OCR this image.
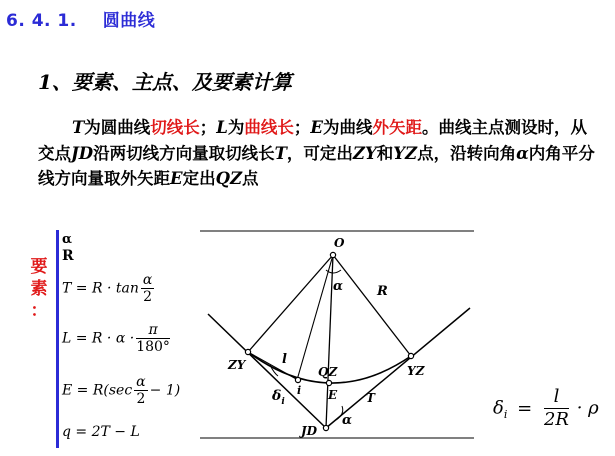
6. 4. 1. 圆曲线
1、要素、主点、及要素计算
T为圆曲线切线长；L为曲线长；E为曲线外矢距。曲线主点测设时，从交点JD沿两切线方向量取切线长T，可定出ZY和YZ点，沿转向角α内角平分线方向量取外矢距E定出QZ点
要
素
：
α
R
$T = R \cdot \tan \frac{\alpha}{2}$
$L = R \cdot \alpha \cdot \frac{\pi}{180^\circ}$
$E = R(\sec \frac{\alpha}{2} - 1)$
q = 2T − L
O
α	R
ZY	l
QZ	YZ
$\delta_i$
i E T
JD
α
$\delta_i = \frac{l}{2R} \cdot \rho$
